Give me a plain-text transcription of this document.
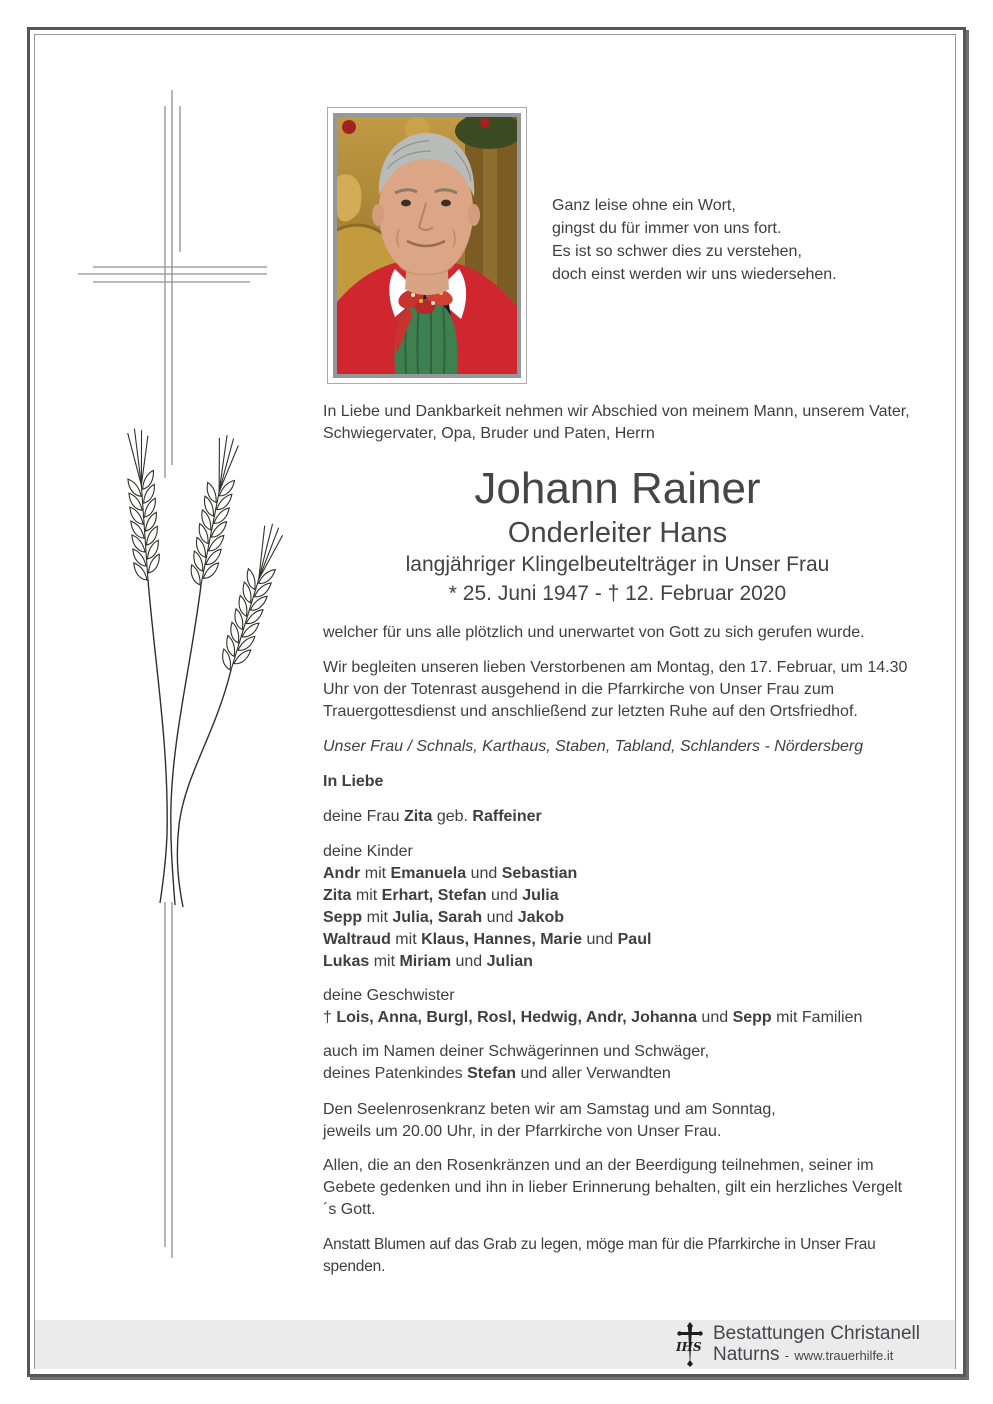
Ganz leise ohne ein Wort,
gingst du für immer von uns fort.
Es ist so schwer dies zu verstehen,
doch einst werden wir uns wiedersehen.

In Liebe und Dankbarkeit nehmen wir Abschied von meinem Mann, unserem Vater, Schwiegervater, Opa, Bruder und Paten, Herrn

Johann Rainer
Onderleiter Hans
langjähriger Klingelbeutelträger in Unser Frau
* 25. Juni 1947 - † 12. Februar 2020

welcher für uns alle plötzlich und unerwartet von Gott zu sich gerufen wurde.

Wir begleiten unseren lieben Verstorbenen am Montag, den 17. Februar, um 14.30 Uhr von der Totenrast ausgehend in die Pfarrkirche von Unser Frau zum Trauergottesdienst und anschließend zur letzten Ruhe auf den Ortsfriedhof.

Unser Frau / Schnals, Karthaus, Staben, Tabland, Schlanders - Nördersberg

In Liebe

deine Frau Zita geb. Raffeiner

deine Kinder
Andr mit Emanuela und Sebastian
Zita mit Erhart, Stefan und Julia
Sepp mit Julia, Sarah und Jakob
Waltraud mit Klaus, Hannes, Marie und Paul
Lukas mit Miriam und Julian
deine Geschwister
† Lois, Anna, Burgl, Rosl, Hedwig, Andr, Johanna und Sepp mit Familien
auch im Namen deiner Schwägerinnen und Schwäger,
deines Patenkindes Stefan und aller Verwandten
Den Seelenrosenkranz beten wir am Samstag und am Sonntag,
jeweils um 20.00 Uhr, in der Pfarrkirche von Unser Frau.

Allen, die an den Rosenkränzen und an der Beerdigung teilnehmen, seiner im Gebete gedenken und ihn in lieber Erinnerung behalten, gilt ein herzliches Vergelt´s Gott.

Anstatt Blumen auf das Grab zu legen, möge man für die Pfarrkirche in Unser Frau spenden.

IHS
Bestattungen Christanell
Naturns - www.trauerhilfe.it
